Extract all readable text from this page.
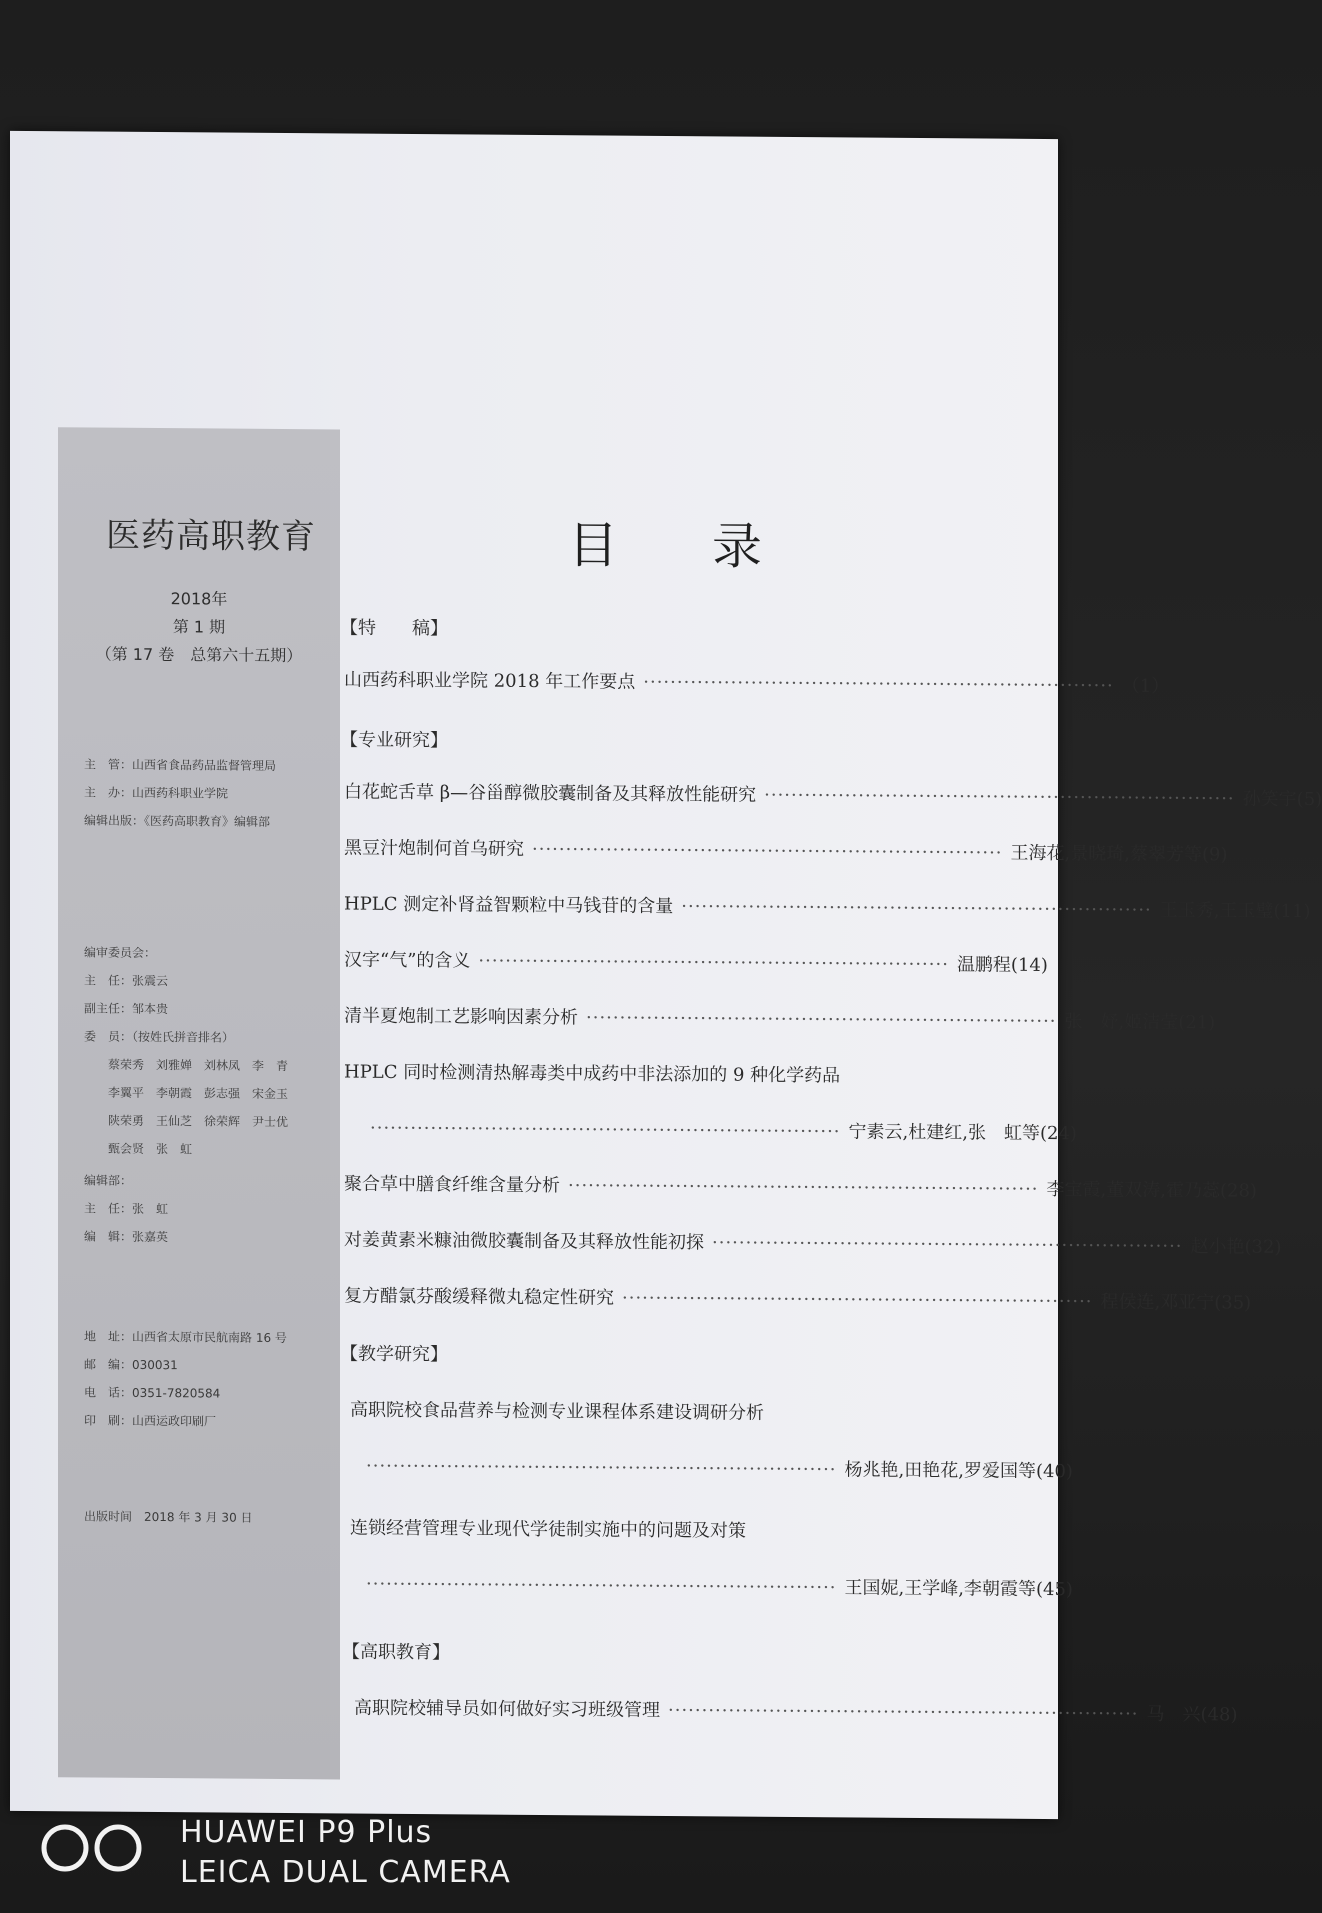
医药高职教育
2018年
第 1 期
（第 17 卷　总第六十五期）
主　管：山西省食品药品监督管理局
主　办：山西药科职业学院
编辑出版：《医药高职教育》编辑部
编审委员会：
主　任：张震云
副主任：邹本贵
委　员：（按姓氏拼音排名）
蔡荣秀　刘雅婵　刘林凤　李　青
李翼平　李朝霞　彭志强　宋金玉
陕荣勇　王仙芝　徐荣辉　尹士优
甄会贤　张　虹
编辑部：
主　任：张　虹
编　辑：张嘉英
地　址：山西省太原市民航南路 16 号
邮　编：030031
电　话：0351-7820584
印　刷：山西运政印刷厂
出版时间　2018 年 3 月 30 日
目 录
【特　　稿】
山西药科职业学院 2018 年工作要点 ······································································ （1）
【专业研究】
白花蛇舌草 β—谷甾醇微胶囊制备及其释放性能研究 ······································································ 孙笑宇(5)
黑豆汁炮制何首乌研究 ······································································ 王海花,景晓琦,蔡翠芳等(9)
HPLC 测定补肾益智颗粒中马钱苷的含量 ······································································ 王玉秀,王玉璧(11)
汉字“气”的含义 ······································································ 温鹏程(14)
清半夏炮制工艺影响因素分析 ······································································ 张　妤,姬洁莹(21)
HPLC 同时检测清热解毒类中成药中非法添加的 9 种化学药品
······································································ 宁素云,杜建红,张　虹等(24)
聚合草中膳食纤维含量分析 ······································································ 李宝霞,董双涛,霍乃蕊(28)
对姜黄素米糠油微胶囊制备及其释放性能初探 ······································································ 赵小艳(32)
复方醋氯芬酸缓释微丸稳定性研究 ······································································ 程侯连,邓亚宁(35)
【教学研究】
高职院校食品营养与检测专业课程体系建设调研分析
······································································ 杨兆艳,田艳花,罗爱国等(40)
连锁经营管理专业现代学徒制实施中的问题及对策
······································································ 王国妮,王学峰,李朝霞等(45)
【高职教育】
高职院校辅导员如何做好实习班级管理 ······································································ 马　兴(48)
HUAWEI P9 Plus
LEICA DUAL CAMERA
